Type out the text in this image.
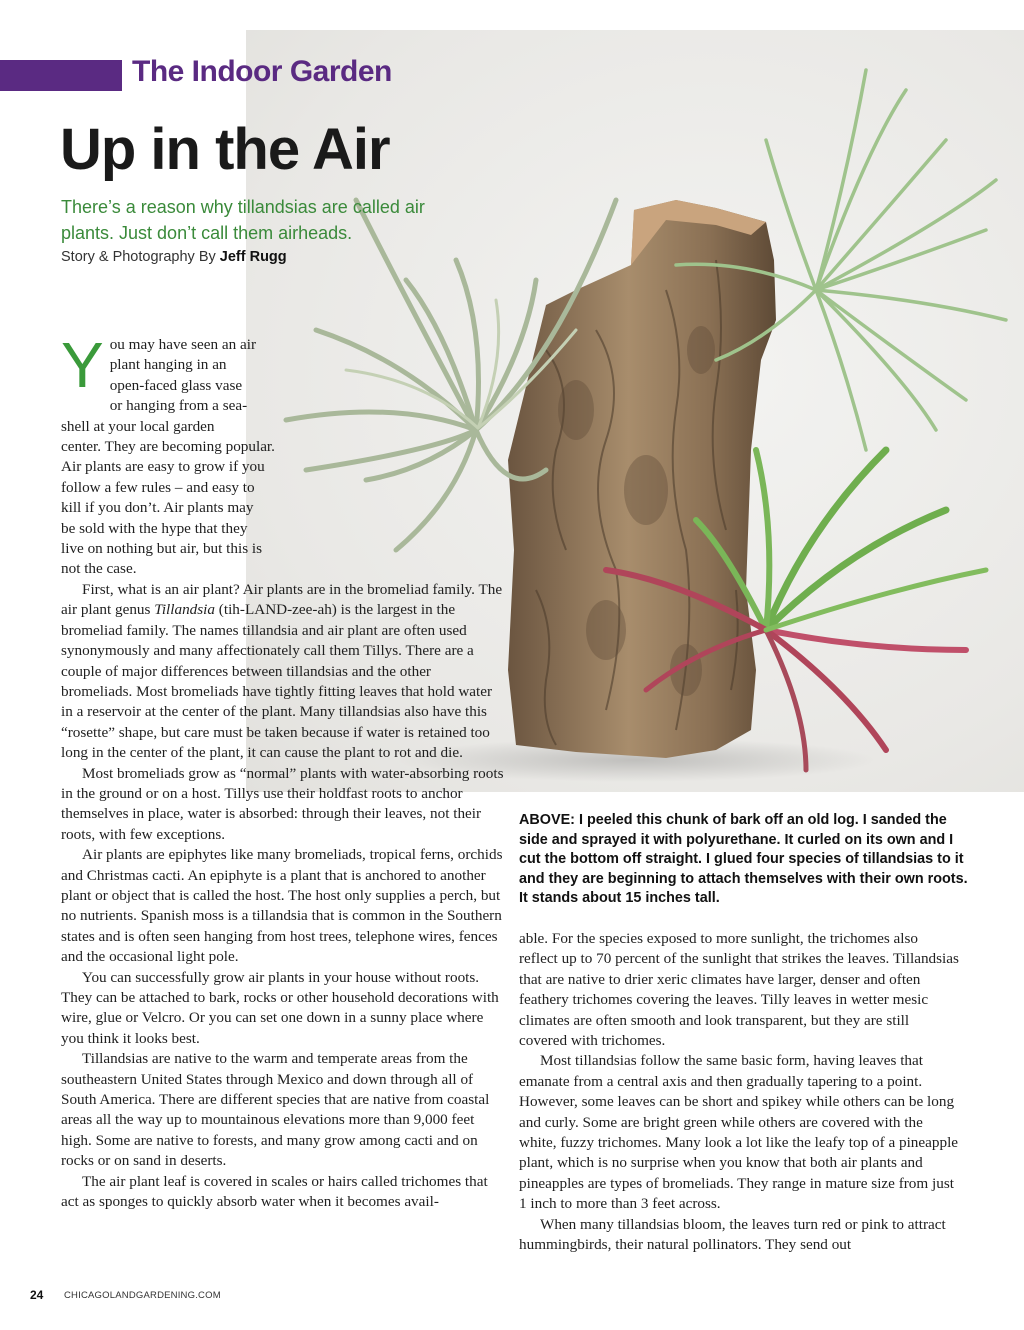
The Indoor Garden
Up in the Air
There’s a reason why tillandsias are called air plants. Just don’t call them airheads.
Story & Photography By Jeff Rugg

Y ou may have seen an air
plant hanging in an
open-faced glass vase
or hanging from a sea-
shell at your local garden
center. They are becoming popular.
Air plants are easy to grow if you
follow a few rules – and easy to
kill if you don’t. Air plants may
be sold with the hype that they
live on nothing but air, but this is
not the case.

First, what is an air plant? Air plants are in the bromeliad family. The air plant genus Tillandsia (tih-LAND-zee-ah) is the largest in the bromeliad family. The names tillandsia and air plant are often used synonymously and many affectionately call them Tillys. There are a couple of major differences between tillandsias and the other bromeliads. Most bromeliads have tightly fitting leaves that hold water in a reservoir at the center of the plant. Many tillandsias also have this “rosette” shape, but care must be taken because if water is retained too long in the center of the plant, it can cause the plant to rot and die.

Most bromeliads grow as “normal” plants with water-absorbing roots in the ground or on a host. Tillys use their holdfast roots to anchor themselves in place, water is absorbed: through their leaves, not their roots, with few exceptions.

Air plants are epiphytes like many bromeliads, tropical ferns, orchids and Christmas cacti. An epiphyte is a plant that is anchored to another plant or object that is called the host. The host only supplies a perch, but no nutrients. Spanish moss is a tillandsia that is common in the Southern states and is often seen hanging from host trees, telephone wires, fences and the occasional light pole.

You can successfully grow air plants in your house without roots. They can be attached to bark, rocks or other household decorations with wire, glue or Velcro. Or you can set one down in a sunny place where you think it looks best.

Tillandsias are native to the warm and temperate areas from the southeastern United States through Mexico and down through all of South America. There are different species that are native from coastal areas all the way up to mountainous elevations more than 9,000 feet high. Some are native to forests, and many grow among cacti and on rocks or on sand in deserts.

The air plant leaf is covered in scales or hairs called trichomes that act as sponges to quickly absorb water when it becomes avail-

ABOVE: I peeled this chunk of bark off an old log. I sanded the side and sprayed it with polyurethane. It curled on its own and I cut the bottom off straight. I glued four species of tillandsias to it and they are beginning to attach themselves with their own roots. It stands about 15 inches tall.

able. For the species exposed to more sunlight, the trichomes also reflect up to 70 percent of the sunlight that strikes the leaves. Tillandsias that are native to drier xeric climates have larger, denser and often feathery trichomes covering the leaves. Tilly leaves in wetter mesic climates are often smooth and look transparent, but they are still covered with trichomes.

Most tillandsias follow the same basic form, having leaves that emanate from a central axis and then gradually tapering to a point. However, some leaves can be short and spikey while others can be long and curly. Some are bright green while others are covered with the white, fuzzy trichomes. Many look a lot like the leafy top of a pineapple plant, which is no surprise when you know that both air plants and pineapples are types of bromeliads. They range in mature size from just 1 inch to more than 3 feet across.

When many tillandsias bloom, the leaves turn red or pink to attract hummingbirds, their natural pollinators. They send out

24 CHICAGOLANDGARDENING.COM
